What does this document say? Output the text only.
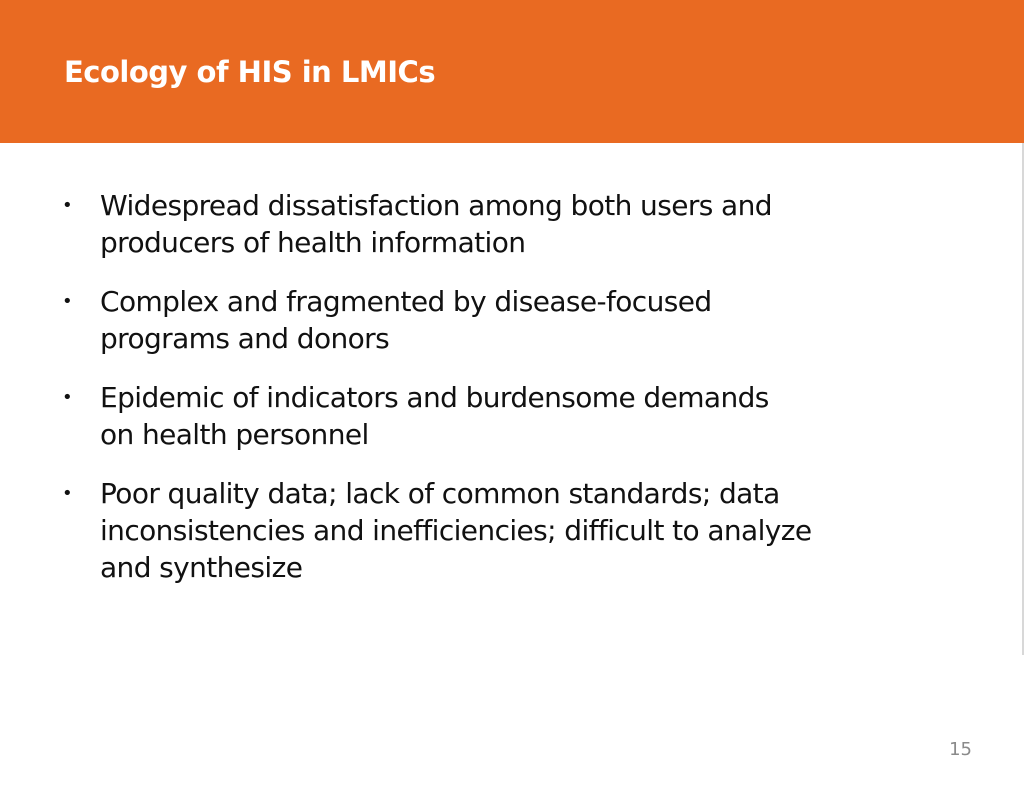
Ecology of HIS in LMICs
• Widespread dissatisfaction among both users and
producers of health information
• Complex and fragmented by disease-focused
programs and donors
• Epidemic of indicators and burdensome demands
on health personnel
• Poor quality data; lack of common standards; data
inconsistencies and inefficiencies; difficult to analyze
and synthesize
15
